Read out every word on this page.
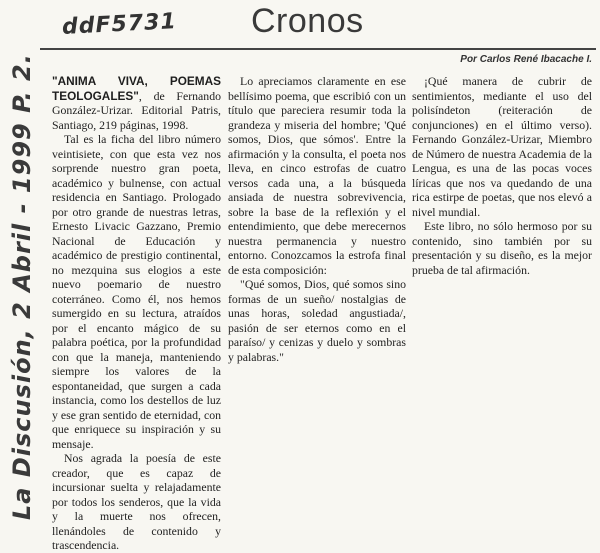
ddF5731 Cronos
Por Carlos René Ibacache I.
La Discusión, 2 Abril - 1999 P. 2. "ANIMA VIVA, POEMAS TEOLOGALES", de Fernando González-Urizar. Editorial Patris, Santiago, 219 páginas, 1998.

Tal es la ficha del libro número veintisiete, con que esta vez nos sorprende nuestro gran poeta, académico y bulnense, con actual residencia en Santiago. Prologado por otro grande de nuestras letras, Ernesto Livacic Gazzano, Premio Nacional de Educación y académico de prestigio continental, no mezquina sus elogios a este nuevo poemario de nuestro coterráneo. Como él, nos hemos sumergido en su lectura, atraídos por el encanto mágico de su palabra poética, por la profundidad con que la maneja, manteniendo siempre los valores de la espontaneidad, que surgen a cada instancia, como los destellos de luz y ese gran sentido de eternidad, con que enriquece su inspiración y su mensaje.

Nos agrada la poesía de este creador, que es capaz de incursionar suelta y relajadamente por todos los senderos, que la vida y la muerte nos ofrecen, llenándoles de contenido y trascendencia.

Lo apreciamos claramente en ese bellísimo poema, que escribió con un título que pareciera resumir toda la grandeza y miseria del hombre; 'Qué somos, Dios, que sómos'. Entre la afirmación y la consulta, el poeta nos lleva, en cinco estrofas de cuatro versos cada una, a la búsqueda ansiada de nuestra sobrevivencia, sobre la base de la reflexión y el entendimiento, que debe merecernos nuestra permanencia y nuestro entorno. Conozcamos la estrofa final de esta composición:

"Qué somos, Dios, qué somos sino formas de un sueño/ nostalgias de unas horas, soledad angustiada/, pasión de ser eternos como en el paraíso/ y cenizas y duelo y sombras y palabras."

¡Qué manera de cubrir de sentimientos, mediante el uso del polisíndeton (reiteración de conjunciones) en el último verso). Fernando González-Urizar, Miembro de Número de nuestra Academia de la Lengua, es una de las pocas voces líricas que nos va quedando de una rica estirpe de poetas, que nos elevó a nivel mundial.

Este libro, no sólo hermoso por su contenido, sino también por su presentación y su diseño, es la mejor prueba de tal afirmación.
